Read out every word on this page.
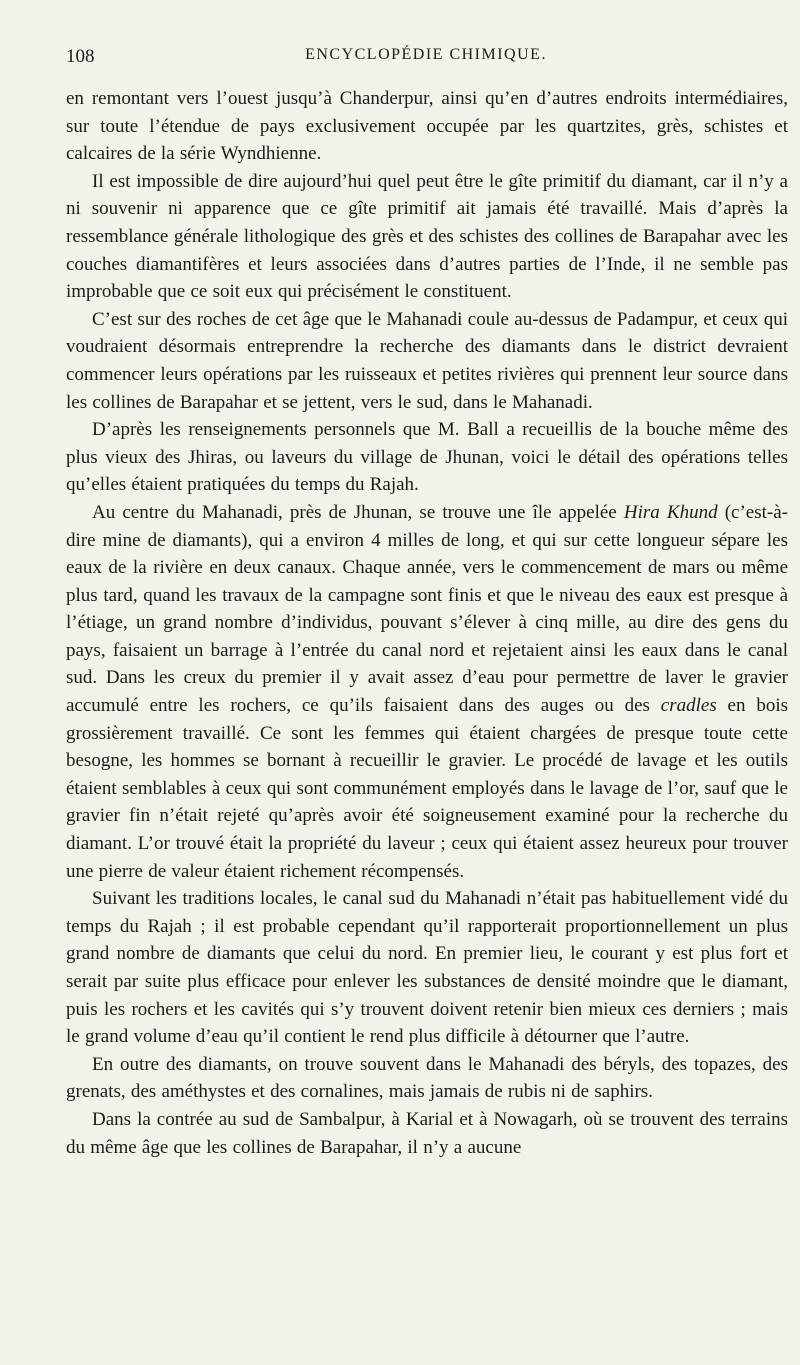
108	ENCYCLOPÉDIE CHIMIQUE.

en remontant vers l’ouest jusqu’à Chanderpur, ainsi qu’en d’autres endroits intermédiaires, sur toute l’étendue de pays exclusivement occupée par les quartzites, grès, schistes et calcaires de la série Wyndhienne.

Il est impossible de dire aujourd’hui quel peut être le gîte primitif du diamant, car il n’y a ni souvenir ni apparence que ce gîte primitif ait jamais été travaillé. Mais d’après la ressemblance générale lithologique des grès et des schistes des collines de Barapahar avec les couches diamantifères et leurs associées dans d’autres parties de l’Inde, il ne semble pas improbable que ce soit eux qui précisément le constituent.

C’est sur des roches de cet âge que le Mahanadi coule au-dessus de Padampur, et ceux qui voudraient désormais entreprendre la recherche des diamants dans le district devraient commencer leurs opérations par les ruisseaux et petites rivières qui prennent leur source dans les collines de Barapahar et se jettent, vers le sud, dans le Mahanadi.

D’après les renseignements personnels que M. Ball a recueillis de la bouche même des plus vieux des Jhiras, ou laveurs du village de Jhunan, voici le détail des opérations telles qu’elles étaient pratiquées du temps du Rajah.

Au centre du Mahanadi, près de Jhunan, se trouve une île appelée Hira Khund (c’est-à-dire mine de diamants), qui a environ 4 milles de long, et qui sur cette longueur sépare les eaux de la rivière en deux canaux. Chaque année, vers le commencement de mars ou même plus tard, quand les travaux de la campagne sont finis et que le niveau des eaux est presque à l’étiage, un grand nombre d’individus, pouvant s’élever à cinq mille, au dire des gens du pays, faisaient un barrage à l’entrée du canal nord et rejetaient ainsi les eaux dans le canal sud. Dans les creux du premier il y avait assez d’eau pour permettre de laver le gravier accumulé entre les rochers, ce qu’ils faisaient dans des auges ou des cradles en bois grossièrement travaillé. Ce sont les femmes qui étaient chargées de presque toute cette besogne, les hommes se bornant à recueillir le gravier. Le procédé de lavage et les outils étaient semblables à ceux qui sont communément employés dans le lavage de l’or, sauf que le gravier fin n’était rejeté qu’après avoir été soigneusement examiné pour la recherche du diamant. L’or trouvé était la propriété du laveur ; ceux qui étaient assez heureux pour trouver une pierre de valeur étaient richement récompensés.

Suivant les traditions locales, le canal sud du Mahanadi n’était pas habituellement vidé du temps du Rajah ; il est probable cependant qu’il rapporterait proportionnellement un plus grand nombre de diamants que celui du nord. En premier lieu, le courant y est plus fort et serait par suite plus efficace pour enlever les substances de densité moindre que le diamant, puis les rochers et les cavités qui s’y trouvent doivent retenir bien mieux ces derniers ; mais le grand volume d’eau qu’il contient le rend plus difficile à détourner que l’autre.

En outre des diamants, on trouve souvent dans le Mahanadi des béryls, des topazes, des grenats, des améthystes et des cornalines, mais jamais de rubis ni de saphirs.

Dans la contrée au sud de Sambalpur, à Karial et à Nowagarh, où se trouvent des terrains du même âge que les collines de Barapahar, il n’y a aucune
